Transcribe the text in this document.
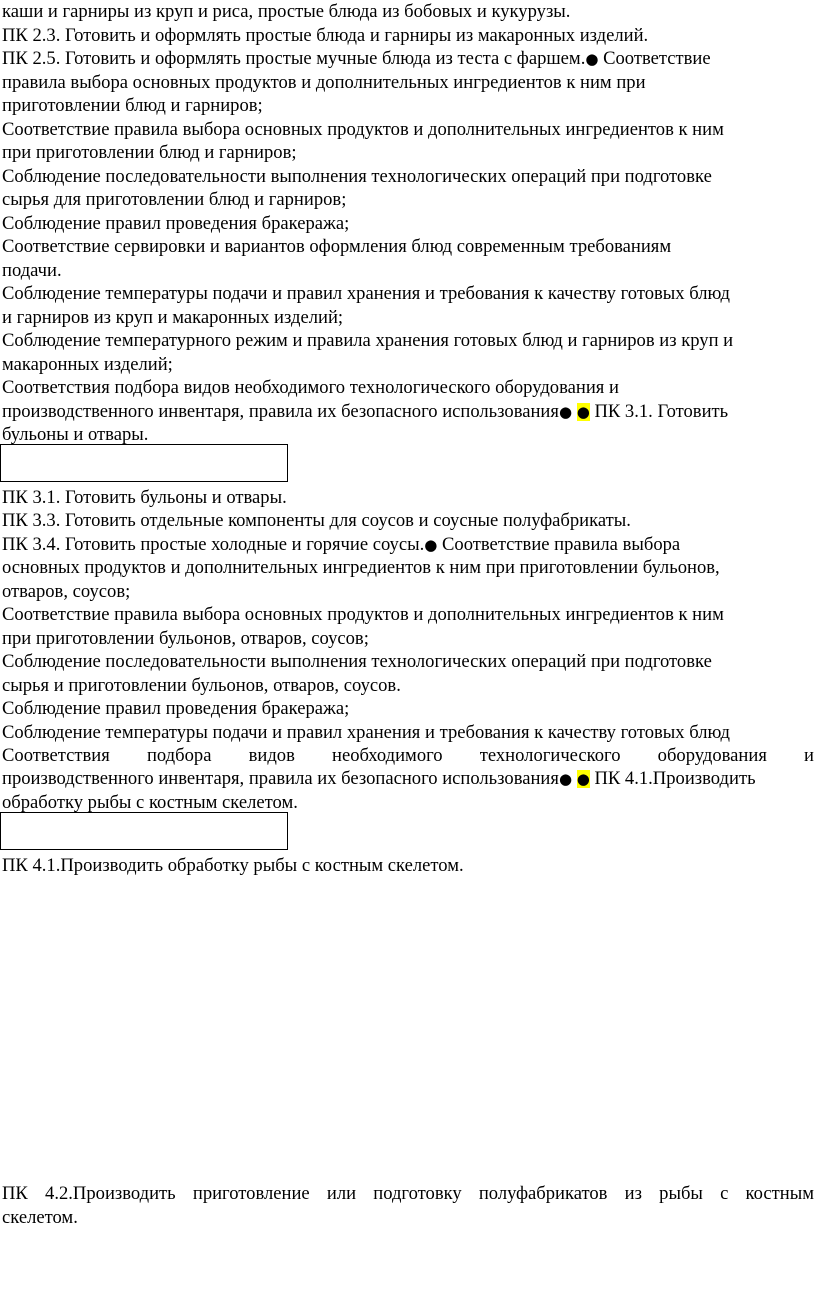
каши и гарниры из круп и риса, простые блюда из бобовых и кукурузы.
ПК 2.3. Готовить и оформлять простые блюда и гарниры из макаронных изделий.
ПК 2.5. Готовить и оформлять простые мучные блюда из теста с фаршем.● Соответствие
правила выбора основных продуктов и дополнительных ингредиентов к ним при
приготовлении блюд и гарниров;
Соответствие правила выбора основных продуктов и дополнительных ингредиентов к ним
при приготовлении блюд и гарниров;
Соблюдение последовательности выполнения технологических операций при подготовке
сырья для приготовлении блюд и гарниров;
Соблюдение правил проведения бракеража;
Соответствие сервировки и вариантов оформления блюд современным требованиям
подачи.
Соблюдение температуры подачи и правил хранения и требования к качеству готовых блюд
и гарниров из круп и макаронных изделий;
Соблюдение температурного режим и правила хранения готовых блюд и гарниров из круп и
макаронных изделий;
Соответствия подбора видов необходимого технологического оборудования и
производственного инвентаря, правила их безопасного использования● ● ПК 3.1. Готовить
бульоны и отвары.
ПК 3.1. Готовить бульоны и отвары.
ПК 3.3. Готовить отдельные компоненты для соусов и соусные полуфабрикаты.
ПК 3.4. Готовить простые холодные и горячие соусы.● Соответствие правила выбора
основных продуктов и дополнительных ингредиентов к ним при приготовлении бульонов,
отваров, соусов;
Соответствие правила выбора основных продуктов и дополнительных ингредиентов к ним
при приготовлении бульонов, отваров, соусов;
Соблюдение последовательности выполнения технологических операций при подготовке
сырья и приготовлении бульонов, отваров, соусов.
Соблюдение правил проведения бракеража;
Соблюдение температуры подачи и правил хранения и требования к качеству готовых блюд
Соответствия подбора видов необходимого технологического оборудования и
производственного инвентаря, правила их безопасного использования● ● ПК 4.1.Производить
обработку рыбы с костным скелетом.
ПК 4.1.Производить обработку рыбы с костным скелетом.
ПК 4.2.Производить приготовление или подготовку полуфабрикатов из рыбы с костным
скелетом.
